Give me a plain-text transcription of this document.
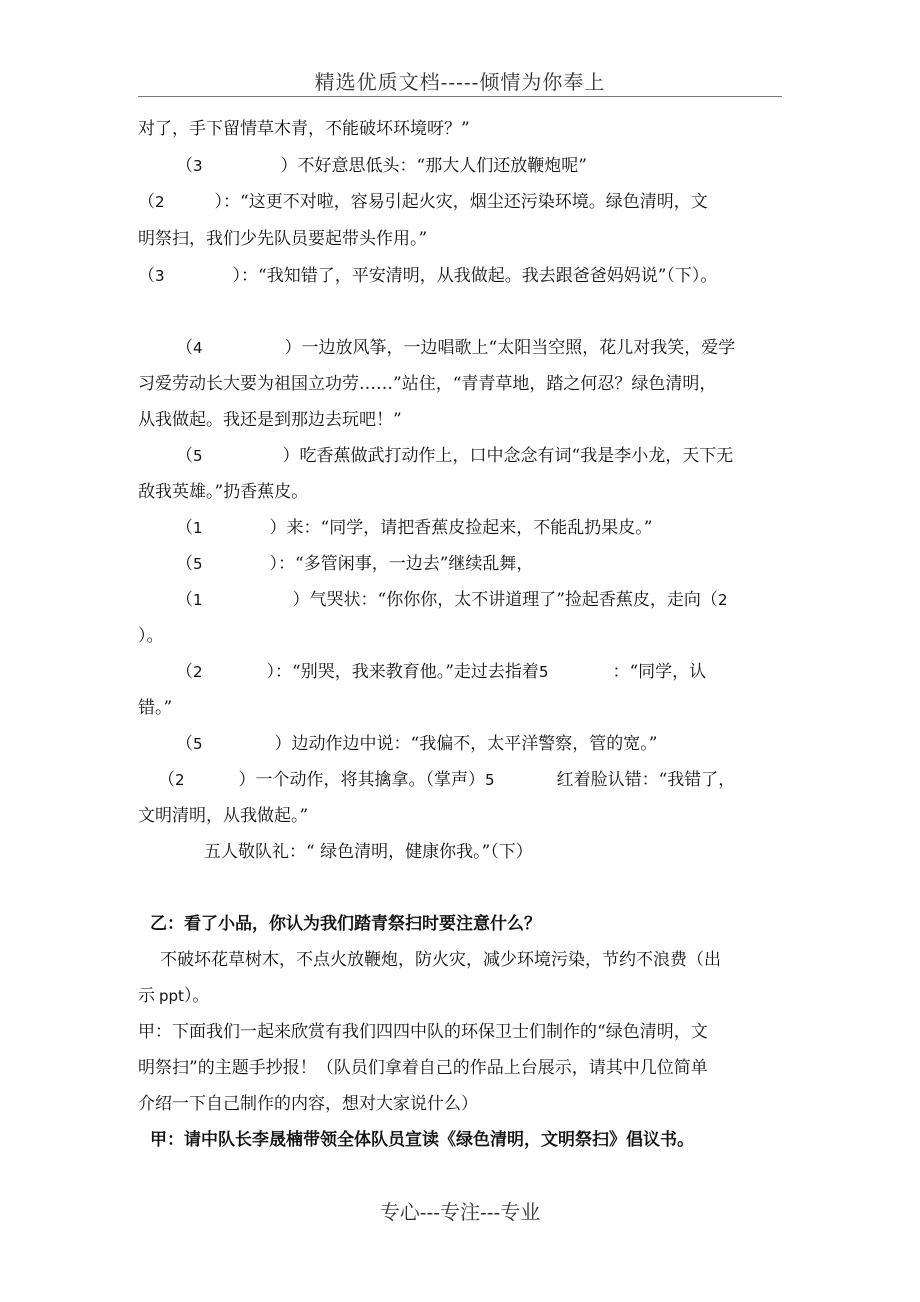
精选优质文档-----倾情为你奉上
对了，手下留情草木青，不能破坏环境呀？”
（3	）不好意思低头：“那大人们还放鞭炮呢”
（2	）：“这更不对啦，容易引起火灾，烟尘还污染环境。绿色清明，文
明祭扫，我们少先队员要起带头作用。”
（3	）：“我知错了，平安清明，从我做起。我去跟爸爸妈妈说”（下）。
（4	）一边放风筝，一边唱歌上“太阳当空照，花儿对我笑，爱学
习爱劳动长大要为祖国立功劳……”站住，“青青草地，踏之何忍？绿色清明，
从我做起。我还是到那边去玩吧！”
（5	）吃香蕉做武打动作上，口中念念有词“我是李小龙，天下无
敌我英雄。”扔香蕉皮。
（1	）来：“同学，请把香蕉皮捡起来，不能乱扔果皮。”
（5	）：“多管闲事，一边去”继续乱舞，
（1	）气哭状：“你你你，太不讲道理了”捡起香蕉皮，走向（2
）。
（2	）：“别哭，我来教育他。”走过去指着5	：“同学，认
错。”
（5	）边动作边中说：“我偏不，太平洋警察，管的宽。”
（2	）一个动作，将其擒拿。（掌声）5	红着脸认错：“我错了，
文明清明，从我做起。”
五人敬队礼：“ 绿色清明，健康你我。”（下）
乙：看了小品，你认为我们踏青祭扫时要注意什么？
不破坏花草树木，不点火放鞭炮，防火灾，减少环境污染，节约不浪费（出
示 ppt）。
甲：下面我们一起来欣赏有我们四四中队的环保卫士们制作的“绿色清明，文
明祭扫”的主题手抄报！（队员们拿着自己的作品上台展示，请其中几位简单
介绍一下自己制作的内容，想对大家说什么）
甲：请中队长李晟楠带领全体队员宣读《绿色清明，文明祭扫》倡议书。
专心---专注---专业
